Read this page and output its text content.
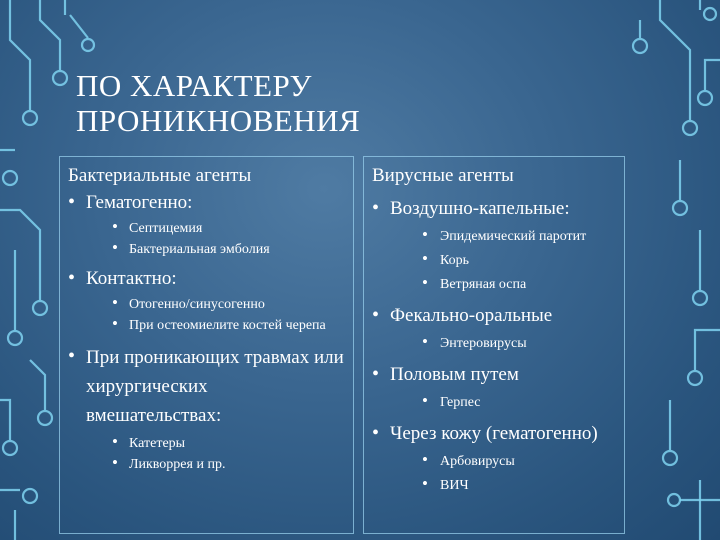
ПО ХАРАКТЕРУ
ПРОНИКНОВЕНИЯ
Бактериальные агенты
• Гематогенно:
• Септицемия
• Бактериальная эмболия
• Контактно:
• Отогенно/синусогенно
• При остеомиелите костей черепа
• При проникающих травмах или хирургических вмешательствах:
• Катетеры
• Ликворрея и пр.
Вирусные агенты
• Воздушно-капельные:
• Эпидемический паротит
• Корь
• Ветряная оспа
• Фекально-оральные
• Энтеровирусы
• Половым путем
• Герпес
• Через кожу (гематогенно)
• Арбовирусы
• ВИЧ
